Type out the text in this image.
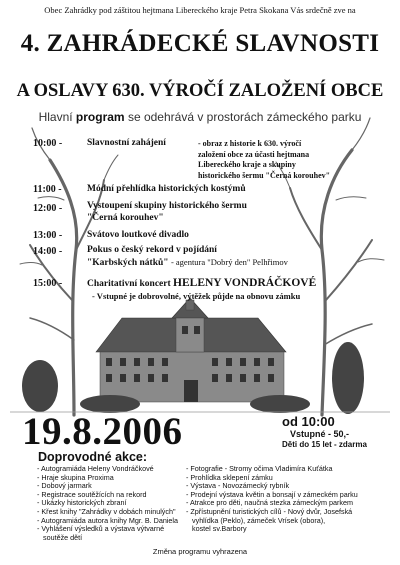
Obec Zahrádky pod záštitou hejtmana Libereckého kraje Petra Skokana Vás srdečně zve na
4. ZAHRÁDECKÉ SLAVNOSTI
A OSLAVY 630. VÝROČÍ ZALOŽENÍ OBCE
Hlavní program se odehrává v prostorách zámeckého parku
10:00 -	Slavnostní zahájení	- obraz z historie k 630. výročí
založení obce za účasti hejtmana
Libereckého kraje a skupiny
historického šermu "Černá korouhev"
11:00 -	Módní přehlídka historických kostýmů
12:00 -	Vystoupení skupiny historického šermu
"Černá korouhev"
13:00 -	Svátovo loutkové divadlo
14:00 -	Pokus o český rekord v pojídání
"Karbských nátků" - agentura "Dobrý den" Pelhřimov
15:00 -	Charitativní koncert HELENY VONDRÁČKOVÉ
- Vstupné je dobrovolné, výtěžek půjde na obnovu zámku
19.8.2006	od 10:00
Vstupné - 50,-
Děti do 15 let - zdarma
Doprovodné akce:
- Autogramiáda Heleny Vondráčkové
- Hraje skupina Proxima
- Dobový jarmark
- Registrace soutěžících na rekord
- Ukázky historických zbraní
- Křest knihy "Zahrádky v dobách minulých"
- Autogramiáda autora knihy Mgr. B. Daniela
- Vyhlášení výsledků a výstava výtvarné
soutěže dětí
- Fotografie - Stromy očima Vladimíra Kuťátka
- Prohlídka sklepení zámku
- Výstava - Novozámecký rybník
- Prodejní výstava květin a bonsají v zámeckém parku
- Atrakce pro děti, naučná stezka zámeckým parkem
- Zpřístupnění turistických cílů - Nový dvůr, Josefská
vyhlídka (Peklo), zámeček Vrísek (obora),
kostel sv.Barbory
Změna programu vyhrazena
